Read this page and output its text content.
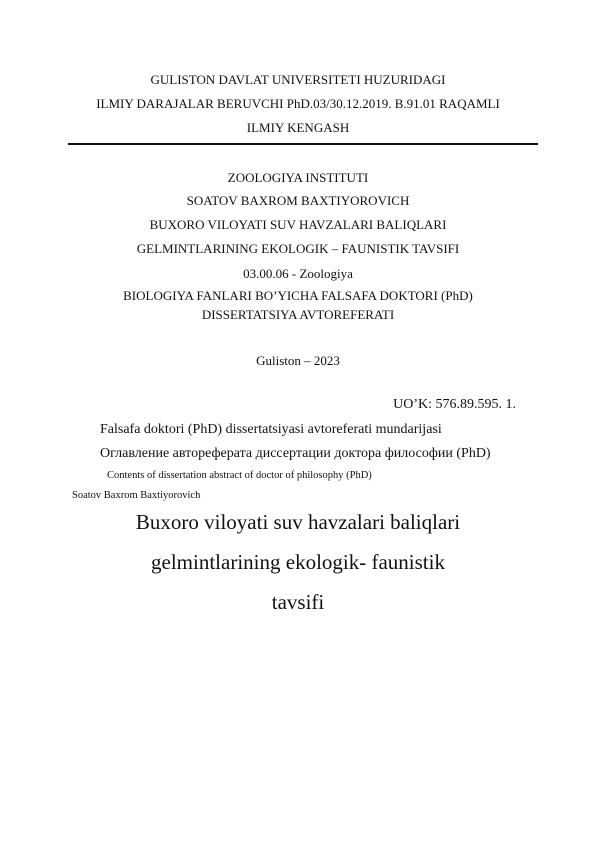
GULISTON DAVLAT UNIVERSITETI HUZURIDAGI
ILMIY DARAJALAR BERUVCHI PhD.03/30.12.2019. B.91.01 RAQAMLI
ILMIY KENGASH
ZOOLOGIYA INSTITUTI
SOATOV BAXROM BAXTIYOROVICH
BUXORO VILOYATI SUV HAVZALARI BALIQLARI
GELMINTLARINING EKOLOGIK – FAUNISTIK TAVSIFI
03.00.06 - Zoologiya
BIOLOGIYA FANLARI BO’YICHA FALSAFA DOKTORI (PhD)
DISSERTATSIYA AVTOREFERATI
Guliston – 2023
UO’K: 576.89.595. 1.
Falsafa doktori (PhD) dissertatsiyasi avtoreferati mundarijasi
Оглавление автореферата диссертации доктора философии (PhD)
Contents of dissertation abstract of doctor of philosophy (PhD)
Soatov Baxrom Baxtiyorovich
Buxoro viloyati suv havzalari baliqlari
gelmintlarining ekologik- faunistik
tavsifi
